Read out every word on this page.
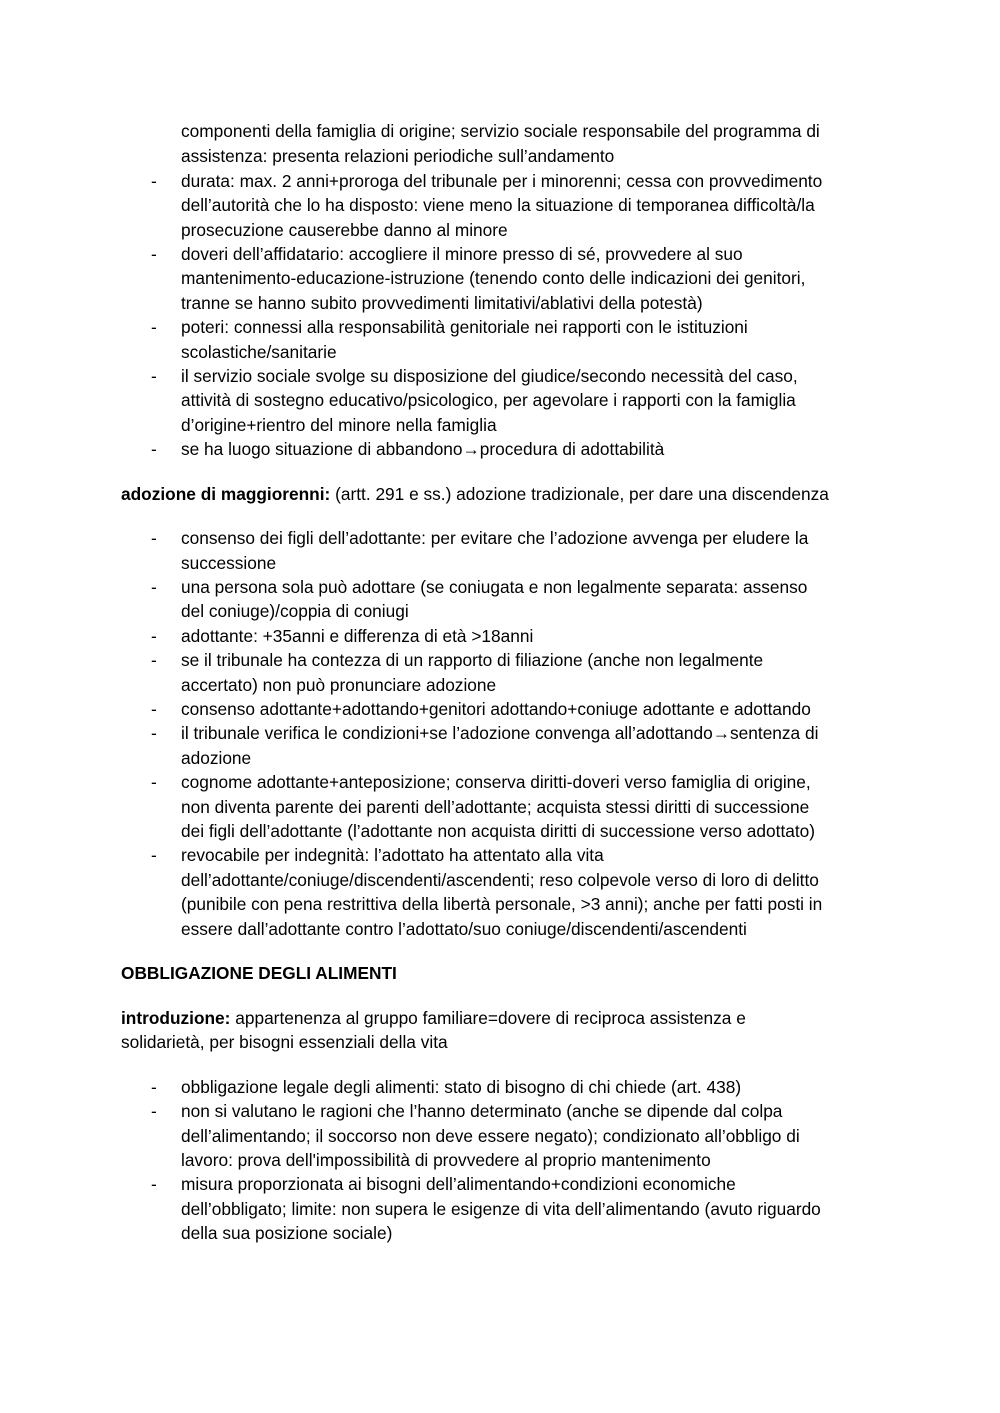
componenti della famiglia di origine; servizio sociale responsabile del programma di
assistenza: presenta relazioni periodiche sull’andamento
- durata: max. 2 anni+proroga del tribunale per i minorenni; cessa con provvedimento
dell’autorità che lo ha disposto: viene meno la situazione di temporanea difficoltà/la
prosecuzione causerebbe danno al minore
- doveri dell’affidatario: accogliere il minore presso di sé, provvedere al suo
mantenimento-educazione-istruzione (tenendo conto delle indicazioni dei genitori,
tranne se hanno subito provvedimenti limitativi/ablativi della potestà)
- poteri: connessi alla responsabilità genitoriale nei rapporti con le istituzioni
scolastiche/sanitarie
- il servizio sociale svolge su disposizione del giudice/secondo necessità del caso,
attività di sostegno educativo/psicologico, per agevolare i rapporti con la famiglia
d’origine+rientro del minore nella famiglia
- se ha luogo situazione di abbandono→procedura di adottabilità
adozione di maggiorenni: (artt. 291 e ss.) adozione tradizionale, per dare una discendenza
- consenso dei figli dell’adottante: per evitare che l’adozione avvenga per eludere la
successione
- una persona sola può adottare (se coniugata e non legalmente separata: assenso
del coniuge)/coppia di coniugi
- adottante: +35anni e differenza di età >18anni
- se il tribunale ha contezza di un rapporto di filiazione (anche non legalmente
accertato) non può pronunciare adozione
- consenso adottante+adottando+genitori adottando+coniuge adottante e adottando
- il tribunale verifica le condizioni+se l’adozione convenga all’adottando→sentenza di
adozione
- cognome adottante+anteposizione; conserva diritti-doveri verso famiglia di origine,
non diventa parente dei parenti dell’adottante; acquista stessi diritti di successione
dei figli dell’adottante (l’adottante non acquista diritti di successione verso adottato)
- revocabile per indegnità: l’adottato ha attentato alla vita
dell’adottante/coniuge/discendenti/ascendenti; reso colpevole verso di loro di delitto
(punibile con pena restrittiva della libertà personale, >3 anni); anche per fatti posti in
essere dall’adottante contro l’adottato/suo coniuge/discendenti/ascendenti
OBBLIGAZIONE DEGLI ALIMENTI
introduzione: appartenenza al gruppo familiare=dovere di reciproca assistenza e
solidarietà, per bisogni essenziali della vita
- obbligazione legale degli alimenti: stato di bisogno di chi chiede (art. 438)
- non si valutano le ragioni che l’hanno determinato (anche se dipende dal colpa
dell’alimentando; il soccorso non deve essere negato); condizionato all’obbligo di
lavoro: prova dell'impossibilità di provvedere al proprio mantenimento
- misura proporzionata ai bisogni dell’alimentando+condizioni economiche
dell’obbligato; limite: non supera le esigenze di vita dell’alimentando (avuto riguardo
della sua posizione sociale)
